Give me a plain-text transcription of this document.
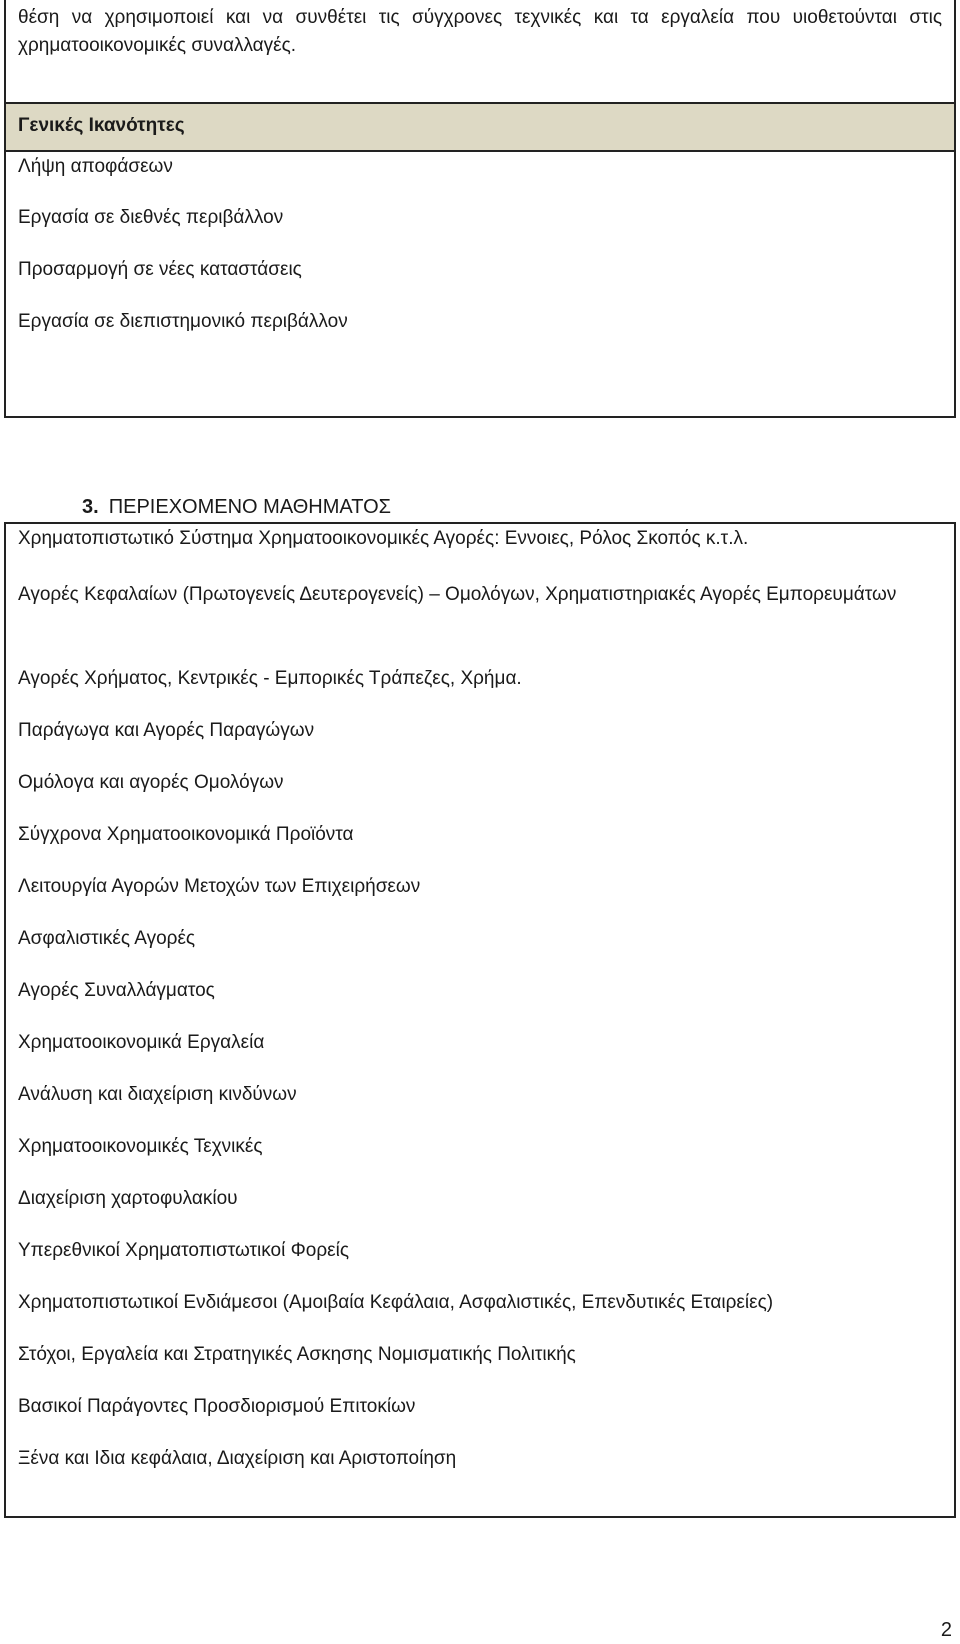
θέση να χρησιμοποιεί και να συνθέτει τις σύγχρονες τεχνικές και τα εργαλεία που υιοθετούνται στις χρηματοοικονομικές συναλλαγές.
Γενικές Ικανότητες
Λήψη αποφάσεων
Εργασία σε διεθνές περιβάλλον
Προσαρμογή σε νέες καταστάσεις
Εργασία σε διεπιστημονικό περιβάλλον
3. ΠΕΡΙΕΧΟΜΕΝΟ ΜΑΘΗΜΑΤΟΣ
Χρηματοπιστωτικό Σύστημα Χρηματοοικονομικές Αγορές: Εννοιες, Ρόλος Σκοπός κ.τ.λ.
Αγορές Κεφαλαίων (Πρωτογενείς Δευτερογενείς) – Ομολόγων, Χρηματιστηριακές Αγορές Εμπορευμάτων
Αγορές Χρήματος, Κεντρικές - Εμπορικές Τράπεζες, Χρήμα.
Παράγωγα και Αγορές Παραγώγων
Ομόλογα και αγορές Ομολόγων
Σύγχρονα Χρηματοοικονομικά Προϊόντα
Λειτουργία Αγορών Μετοχών των Επιχειρήσεων
Ασφαλιστικές Αγορές
Αγορές Συναλλάγματος
Χρηματοοικονομικά Εργαλεία
Ανάλυση και διαχείριση κινδύνων
Χρηματοοικονομικές Τεχνικές
Διαχείριση χαρτοφυλακίου
Υπερεθνικοί Χρηματοπιστωτικοί Φορείς
Χρηματοπιστωτικοί Ενδιάμεσοι (Αμοιβαία Κεφάλαια, Ασφαλιστικές, Επενδυτικές Εταιρείες)
Στόχοι, Εργαλεία και Στρατηγικές Ασκησης Νομισματικής Πολιτικής
Βασικοί Παράγοντες Προσδιορισμού Επιτοκίων
Ξένα και Ιδια κεφάλαια, Διαχείριση και Αριστοποίηση
2
